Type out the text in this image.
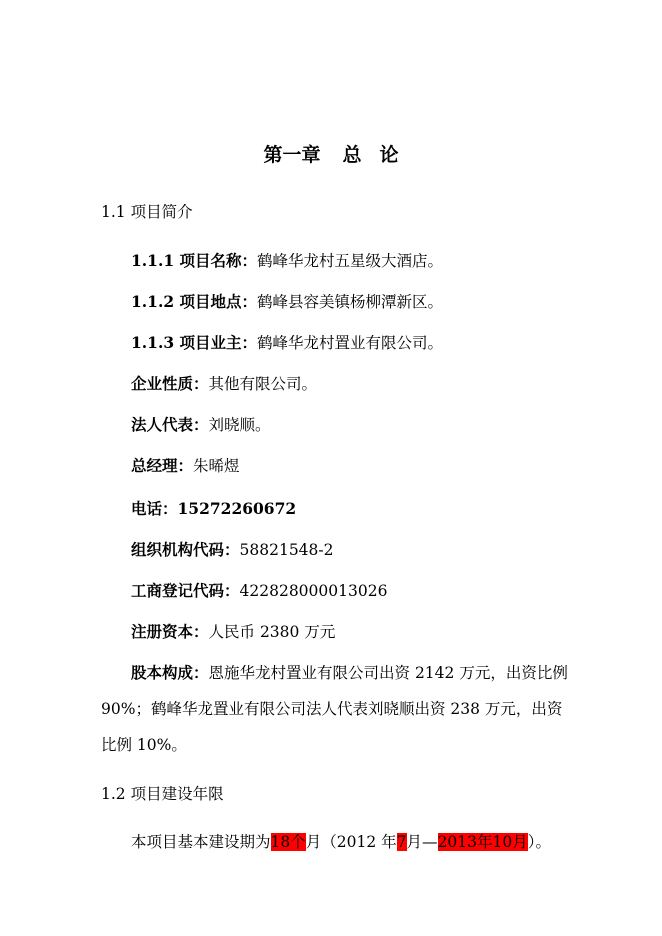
第一章 总 论
1.1 项目简介
1.1.1 项目名称：鹤峰华龙村五星级大酒店。
1.1.2 项目地点：鹤峰县容美镇杨柳潭新区。
1.1.3 项目业主：鹤峰华龙村置业有限公司。
企业性质：其他有限公司。
法人代表：刘晓顺。
总经理：朱晞煜
电话：15272260672
组织机构代码：58821548-2
工商登记代码：422828000013026
注册资本：人民币 2380 万元
股本构成：恩施华龙村置业有限公司出资 2142 万元，出资比例
90%；鹤峰华龙置业有限公司法人代表刘晓顺出资 238 万元，出资
比例 10%。
1.2 项目建设年限
本项目基本建设期为18个月（2012 年7月—2013年10月）。
